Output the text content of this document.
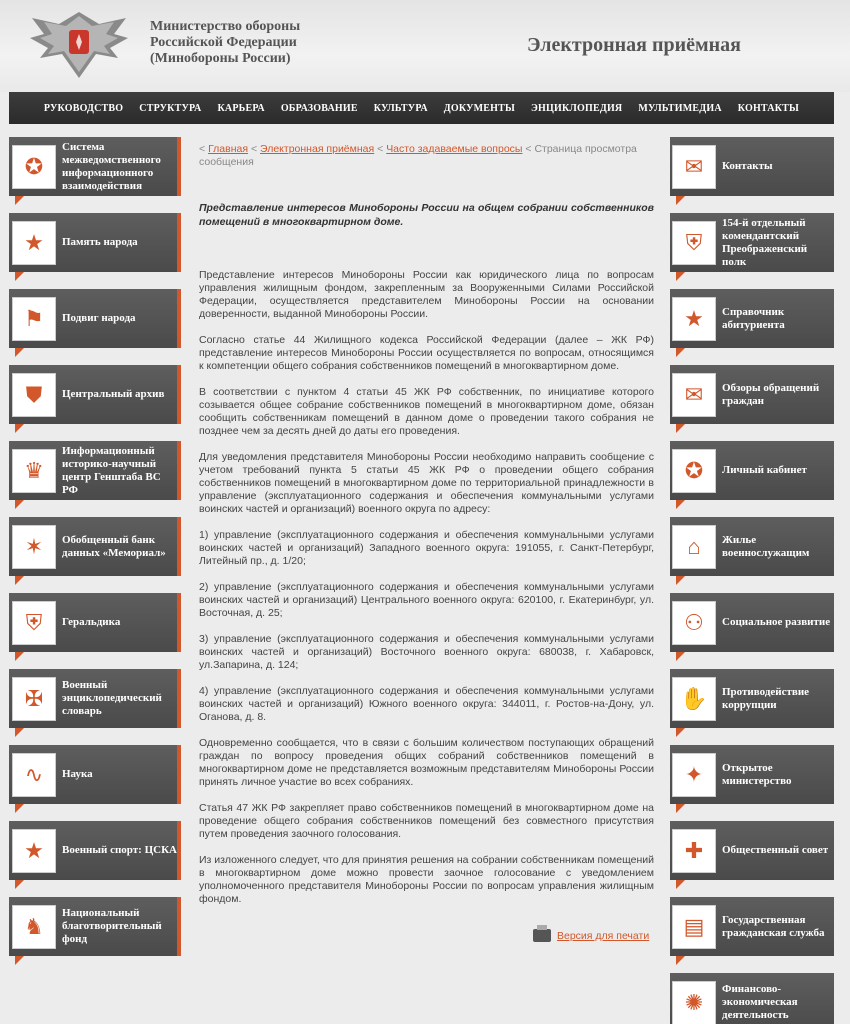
Министерство обороны
Российской Федерации
(Минобороны России)
Электронная приёмная
РУКОВОДСТВО СТРУКТУРА КАРЬЕРА ОБРАЗОВАНИЕ КУЛЬТУРА ДОКУМЕНТЫ ЭНЦИКЛОПЕДИЯ МУЛЬТИМЕДИА КОНТАКТЫ
✪
Система межведомственного информационного взаимодействия
★	Память народа
⚑	Подвиг народа
⛊	Центральный архив
♛
Информационный историко-научный центр Генштаба ВС РФ
✶	Обобщенный банк данных «Мемориал»
⛨	Геральдика
✠
Военный энциклопедический словарь
∿	Наука
★	Военный спорт: ЦСКА
♞
Национальный благотворительный фонд
✉	Контакты
⛨
154-й отдельный комендантский Преображенский полк
★	Справочник абитуриента
✉	Обзоры обращений граждан
✪	Личный кабинет
⌂	Жилье военнослужащим
⚇	Социальное развитие
✋	Противодействие коррупции
✦	Открытое министерство
✚	Общественный совет
▤	Государственная гражданская служба
✺
Финансово-экономическая деятельность
< Главная < Электронная приёмная < Часто задаваемые вопросы < Страница просмотра сообщения
Представление интересов Минобороны России на общем собрании собственников помещений в многоквартирном доме.

Представление интересов Минобороны России как юридического лица по вопросам управления жилищным фондом, закрепленным за Вооруженными Силами Российской Федерации, осуществляется представителем Минобороны России на основании доверенности, выданной Минобороны России.

Согласно статье 44 Жилищного кодекса Российской Федерации (далее – ЖК РФ) представление интересов Минобороны России осуществляется по вопросам, относящимся к компетенции общего собрания собственников помещений в многоквартирном доме.

В соответствии с пунктом 4 статьи 45 ЖК РФ собственник, по инициативе которого созывается общее собрание собственников помещений в многоквартирном доме, обязан сообщить собственникам помещений в данном доме о проведении такого собрания не позднее чем за десять дней до даты его проведения.

Для уведомления представителя Минобороны России необходимо направить сообщение с учетом требований пункта 5 статьи 45 ЖК РФ о проведении общего собрания собственников помещений в многоквартирном доме по территориальной принадлежности в управление (эксплуатационного содержания и обеспечения коммунальными услугами воинских частей и организаций) военного округа по адресу:

1) управление (эксплуатационного содержания и обеспечения коммунальными услугами воинских частей и организаций) Западного военного округа: 191055, г. Санкт-Петербург, Литейный пр., д. 1/20;

2) управление (эксплуатационного содержания и обеспечения коммунальными услугами воинских частей и организаций) Центрального военного округа: 620100, г. Екатеринбург, ул. Восточная, д. 25;

3) управление (эксплуатационного содержания и обеспечения коммунальными услугами воинских частей и организаций) Восточного военного округа: 680038, г. Хабаровск, ул.Запарина, д. 124;

4) управление (эксплуатационного содержания и обеспечения коммунальными услугами воинских частей и организаций) Южного военного округа: 344011, г. Ростов-на-Дону, ул. Оганова, д. 8.

Одновременно сообщается, что в связи с большим количеством поступающих обращений граждан по вопросу проведения общих собраний собственников помещений в многоквартирном доме не представляется возможным представителям Минобороны России принять личное участие во всех собраниях.

Статья 47 ЖК РФ закрепляет право собственников помещений в многоквартирном доме на проведение общего собрания собственников помещений без совместного присутствия путем проведения заочного голосования.

Из изложенного следует, что для принятия решения на собрании собственникам помещений в многоквартирном доме можно провести заочное голосование с уведомлением уполномоченного представителя Минобороны России по вопросам управления жилищным фондом.

Версия для печати
